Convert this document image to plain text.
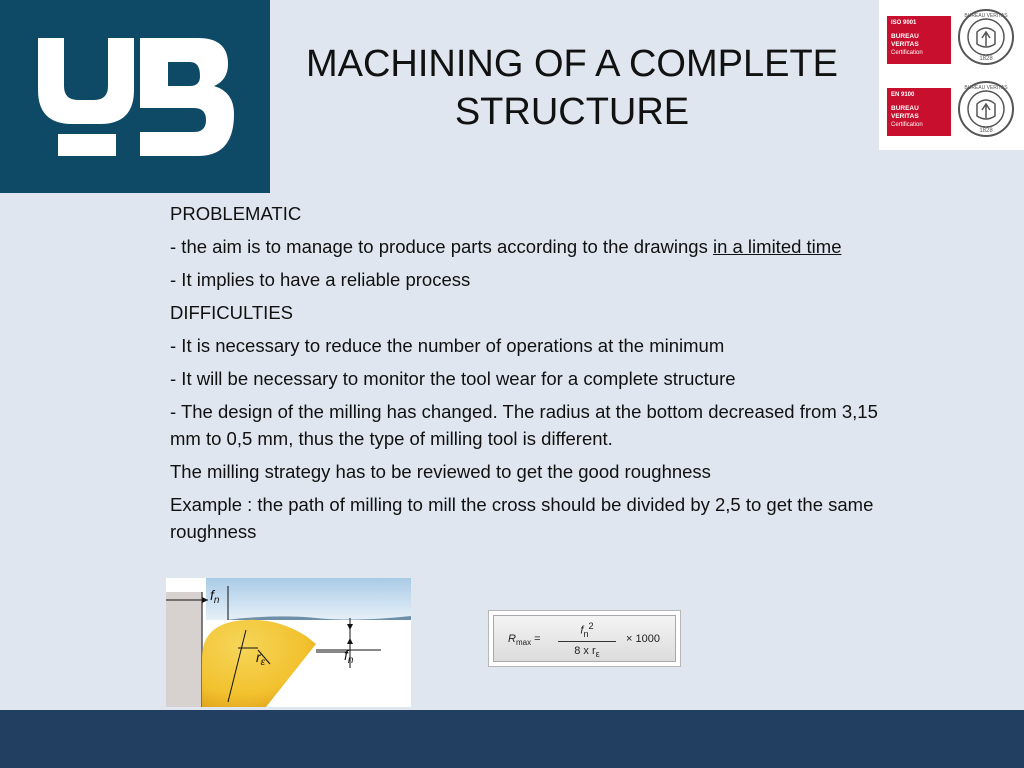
MACHINING OF A COMPLETE
STRUCTURE
ISO 9001
BUREAU VERITAS
Certification
1828
BUREAU VERITAS
EN 9100
BUREAU VERITAS
Certification
1828
BUREAU VERITAS

PROBLEMATIC

- the aim is to manage to produce parts according to the drawings in a limited time

- It implies to have a reliable process

DIFFICULTIES

- It is necessary to reduce the number of operations at the minimum

- It will be necessary to monitor the tool wear for a complete structure

- The design of the milling has changed. The radius at the bottom decreased from 3,15 mm to 0,5 mm, thus the type of milling tool is different.

The milling strategy has to be reviewed to get the good roughness

Example : the path of milling to mill the cross should be divided by 2,5 to get the same roughness

$f_n$
$r_\varepsilon$	$f_n$
$R_{max} = \frac{f_n^2}{8 x r_\varepsilon} \times 1000$
